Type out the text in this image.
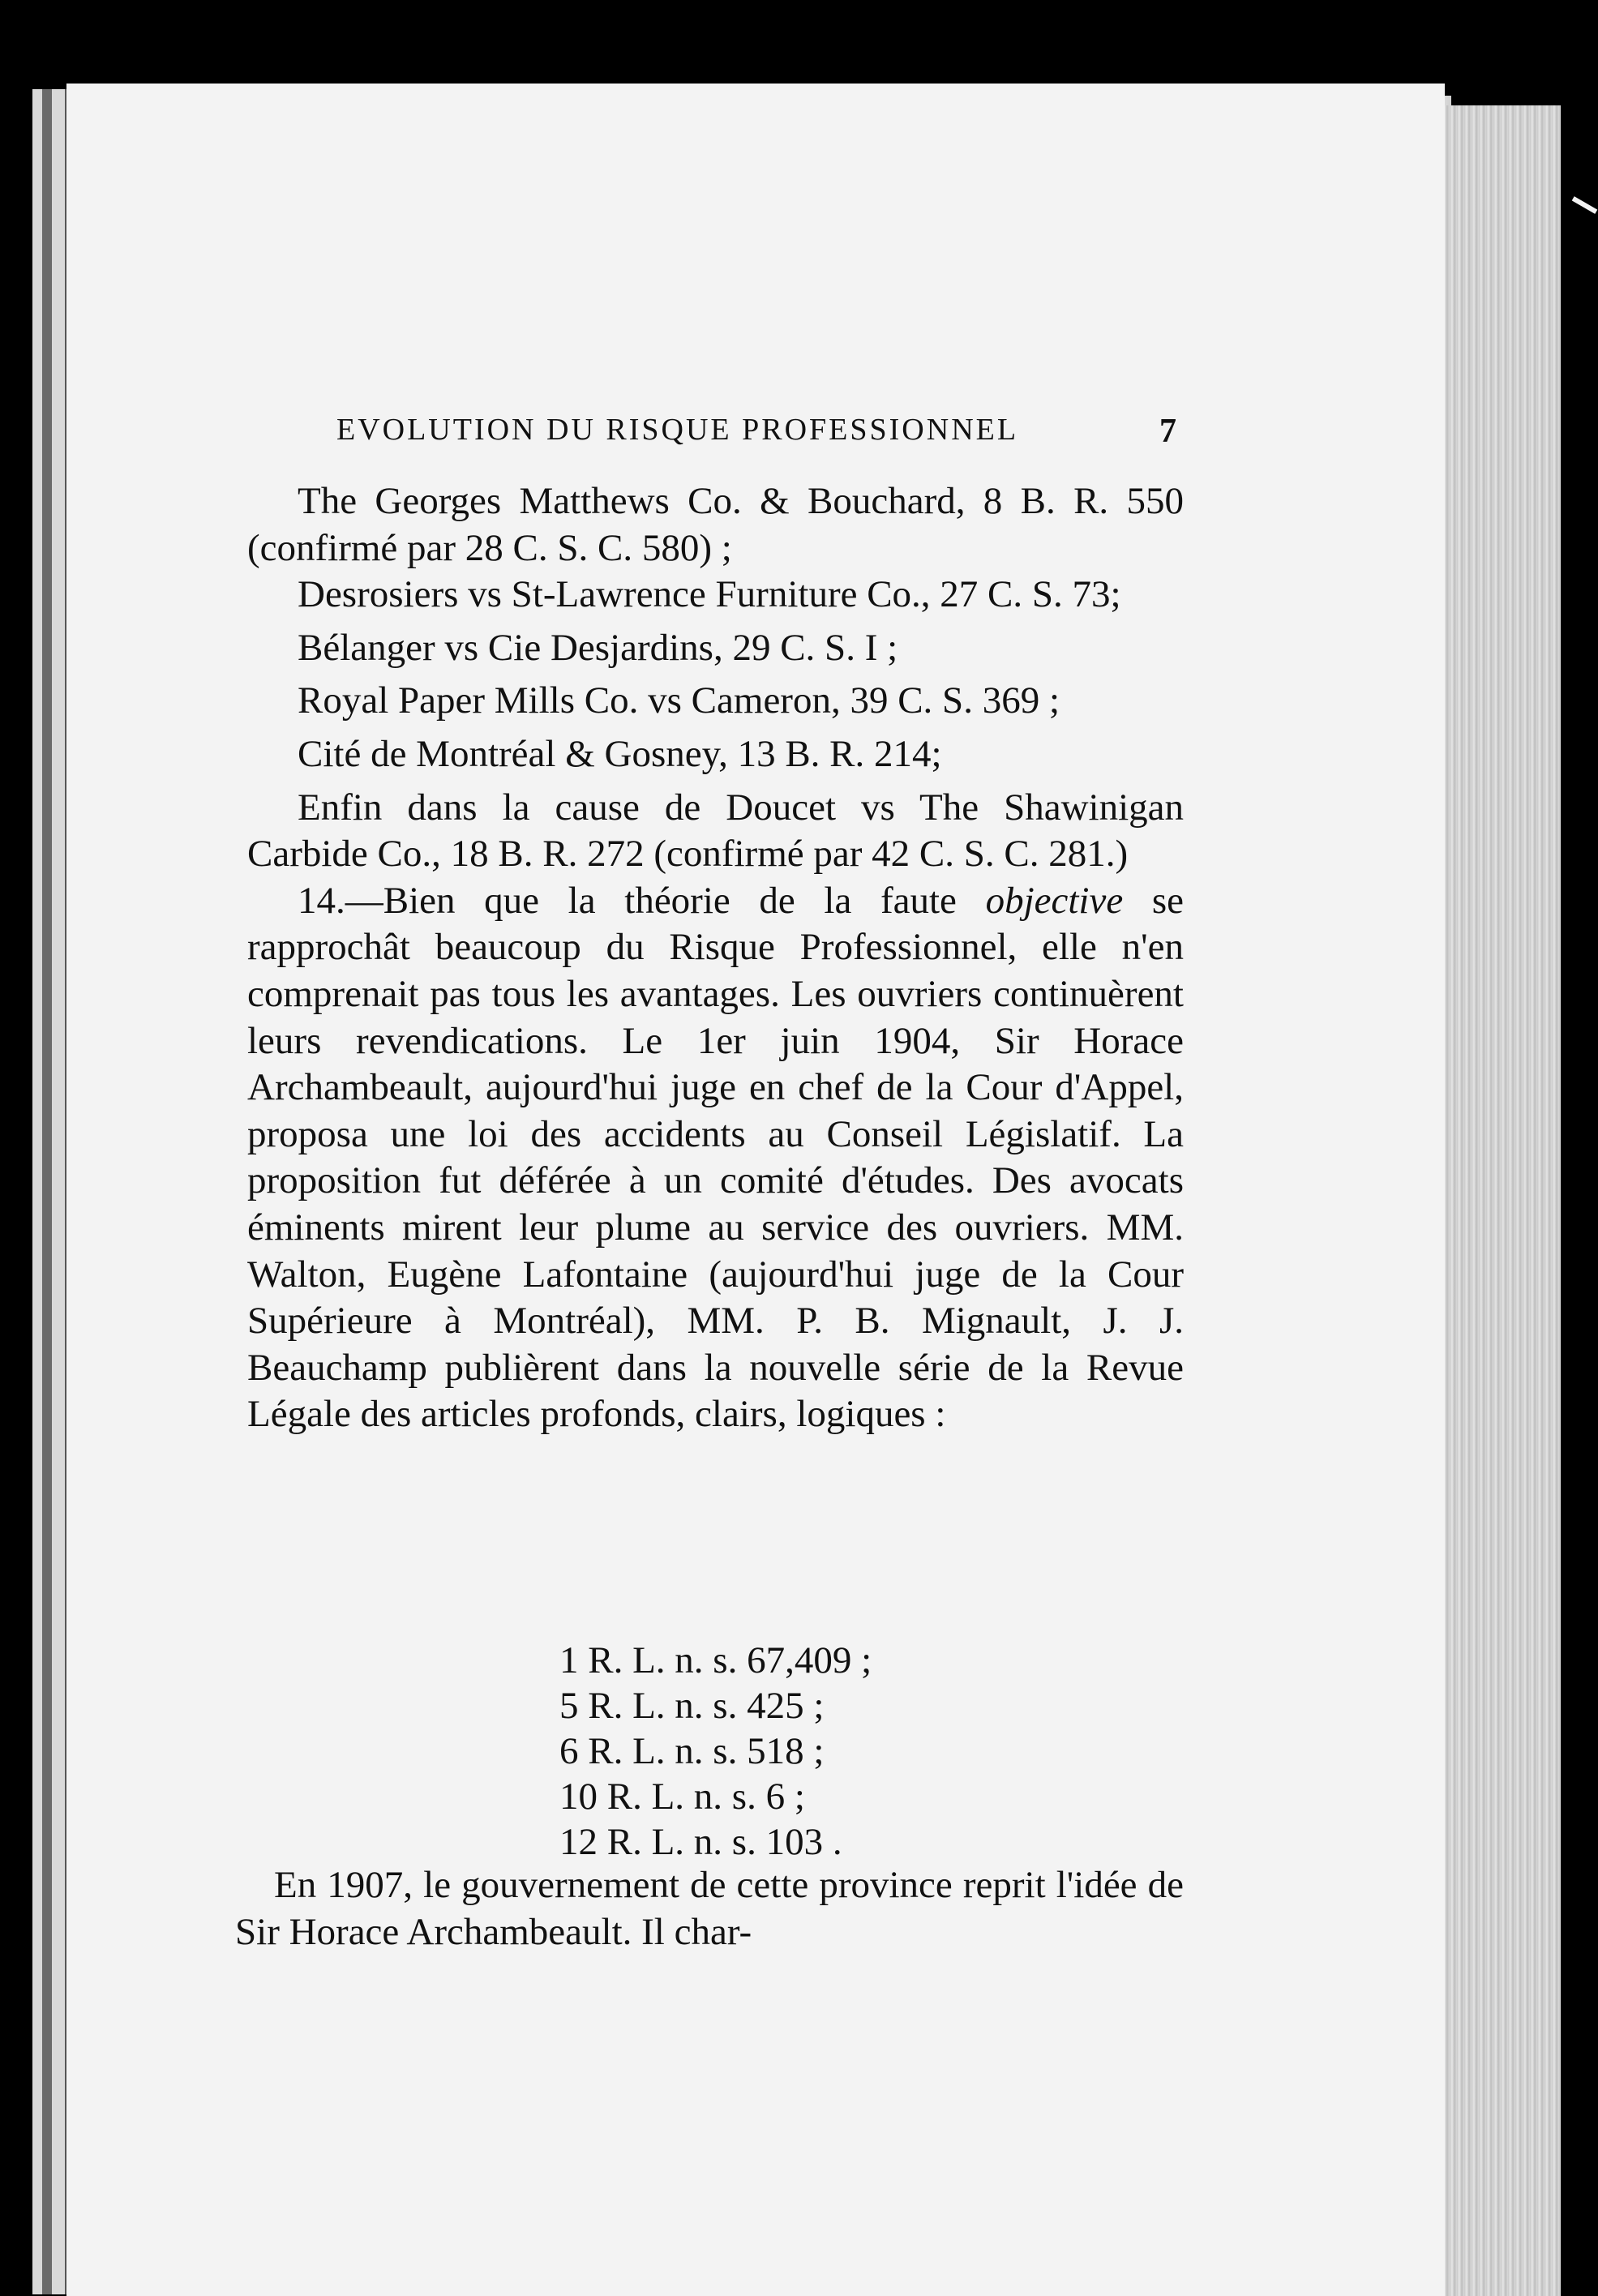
EVOLUTION DU RISQUE PROFESSIONNEL	7

The Georges Matthews Co. & Bouchard, 8 B. R. 550 (confirmé par 28 C. S. C. 580) ;

Desrosiers vs St-Lawrence Furniture Co., 27 C. S. 73;

Bélanger vs Cie Desjardins, 29 C. S. I ;

Royal Paper Mills Co. vs Cameron, 39 C. S. 369 ;

Cité de Montréal & Gosney, 13 B. R. 214;

Enfin dans la cause de Doucet vs The Shawinigan Carbide Co., 18 B. R. 272 (confirmé par 42 C. S. C. 281.)

14.—Bien que la théorie de la faute objective se rapprochât beaucoup du Risque Professionnel, elle n'en comprenait pas tous les avantages. Les ouvriers continuèrent leurs revendications. Le 1er juin 1904, Sir Horace Archambeault, aujourd'hui juge en chef de la Cour d'Appel, proposa une loi des accidents au Conseil Législatif. La proposition fut déférée à un comité d'études. Des avocats éminents mirent leur plume au service des ouvriers. MM. Walton, Eugène Lafontaine (aujourd'hui juge de la Cour Supérieure à Montréal), MM. P. B. Mignault, J. J. Beauchamp publièrent dans la nouvelle série de la Revue Légale des articles profonds, clairs, logiques :

1 R. L. n. s. 67,409 ;
5 R. L. n. s. 425 ;
6 R. L. n. s. 518 ;
10 R. L. n. s. 6 ;
12 R. L. n. s. 103 .

En 1907, le gouvernement de cette province reprit l'idée de Sir Horace Archambeault. Il char-
